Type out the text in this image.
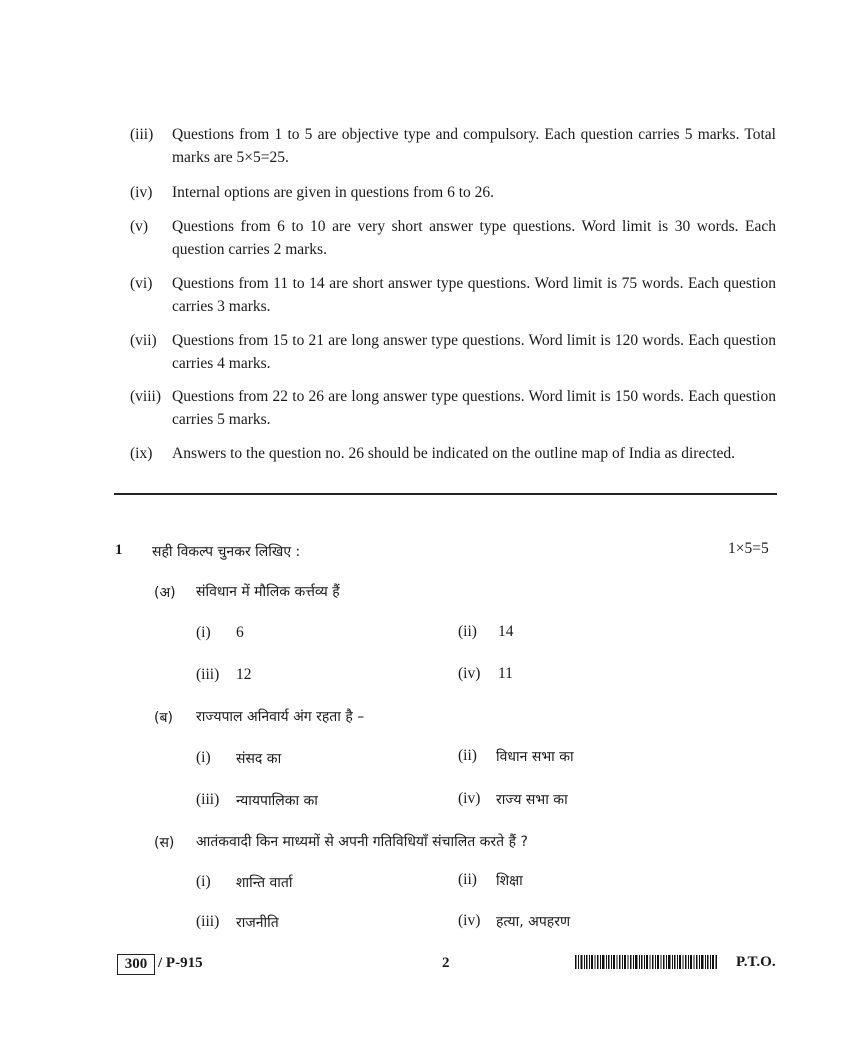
(iii) Questions from 1 to 5 are objective type and compulsory. Each question carries 5 marks. Total marks are 5×5=25.
(iv) Internal options are given in questions from 6 to 26.
(v) Questions from 6 to 10 are very short answer type questions. Word limit is 30 words. Each question carries 2 marks.
(vi) Questions from 11 to 14 are short answer type questions. Word limit is 75 words. Each question carries 3 marks.
(vii) Questions from 15 to 21 are long answer type questions. Word limit is 120 words. Each question carries 4 marks.
(viii) Questions from 22 to 26 are long answer type questions. Word limit is 150 words. Each question carries 5 marks.
(ix) Answers to the question no. 26 should be indicated on the outline map of India as directed.
1 सही विकल्प चुनकर लिखिए :	1×5=5
(अ) संविधान में मौलिक कर्त्तव्य हैं
(i) 6	(ii) 14
(iii) 12	(iv) 11
(ब) राज्यपाल अनिवार्य अंग रहता है –
(i) संसद का	(ii) विधान सभा का
(iii) न्यायपालिका का	(iv) राज्य सभा का
(स) आतंकवादी किन माध्यमों से अपनी गतिविधियाँ संचालित करते हैं ?
(i) शान्ति वार्ता	(ii) शिक्षा
(iii) राजनीति	(iv) हत्या, अपहरण
300 / P-915	2	P.T.O.
